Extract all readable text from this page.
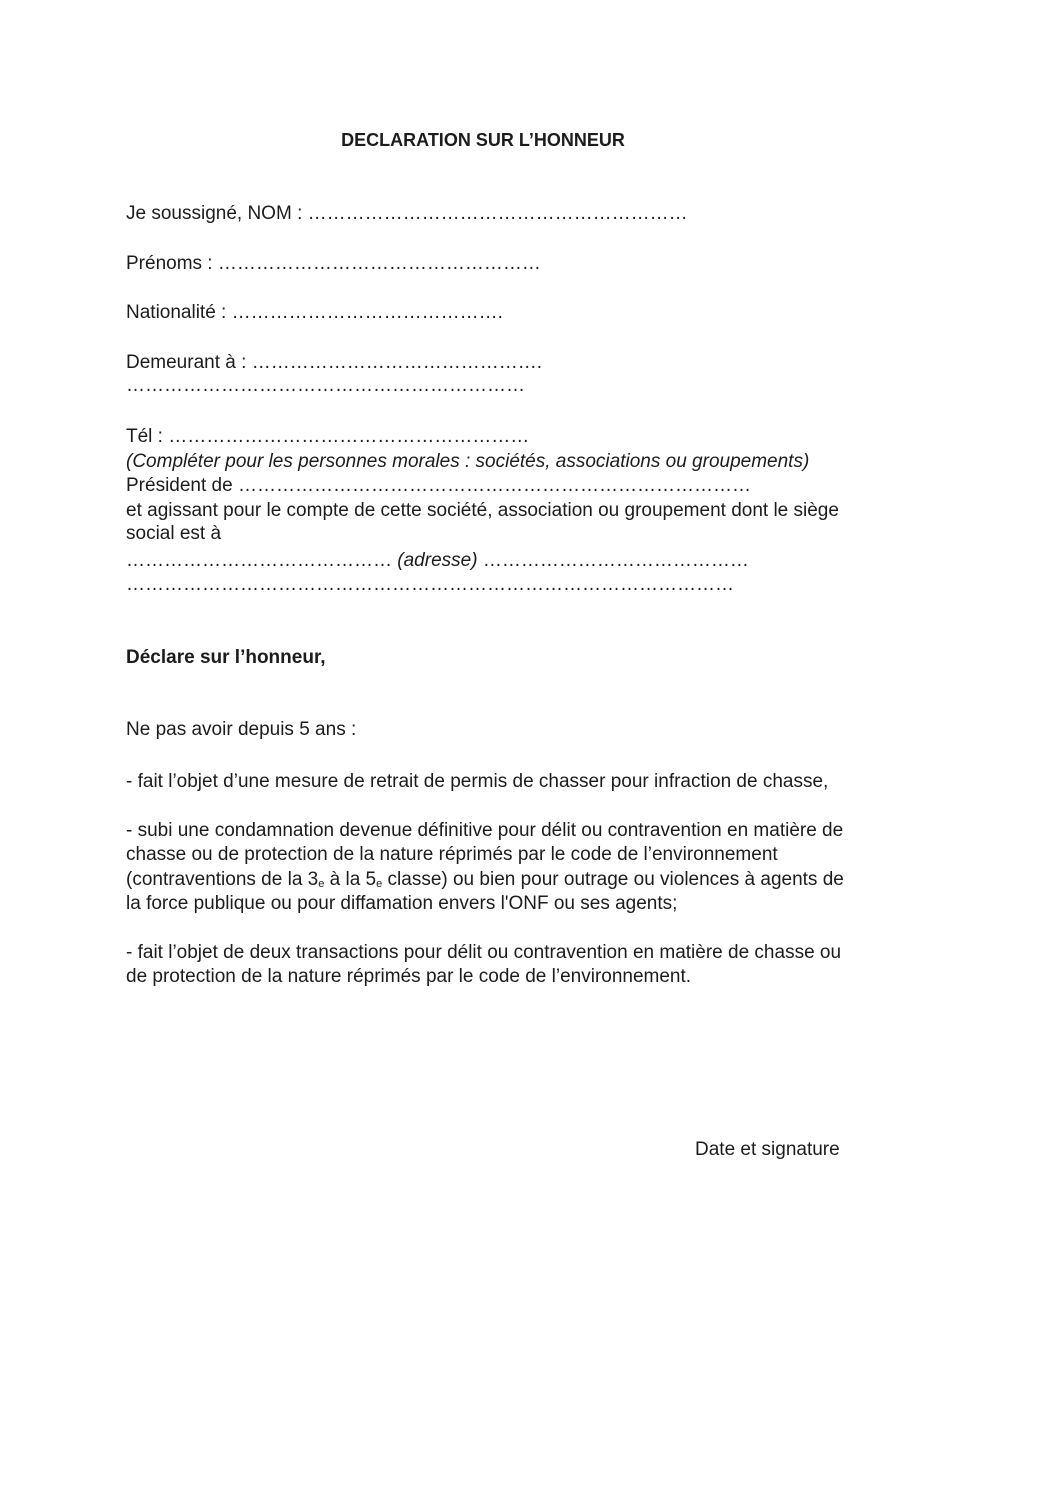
DECLARATION SUR L’HONNEUR

Je soussigné, NOM : ……………………………………………………

Prénoms : ……………………………………………

Nationalité : …………………………………….

Demeurant à : ……………………………………….

………………………………………………………

Tél : …………………………………………………

(Compléter pour les personnes morales : sociétés, associations ou groupements)

Président de ………………………………………………………………………

et agissant pour le compte de cette société, association ou groupement dont le siège

social est à

…………………………………… (adresse) ……………………………………

……………………………………………………………………………………

Déclare sur l’honneur,

Ne pas avoir depuis 5 ans :

- fait l’objet d’une mesure de retrait de permis de chasser pour infraction de chasse,

- subi une condamnation devenue définitive pour délit ou contravention en matière de

chasse ou de protection de la nature réprimés par le code de l’environnement

(contraventions de la 3e à la 5e classe) ou bien pour outrage ou violences à agents de

la force publique ou pour diffamation envers l'ONF ou ses agents;

- fait l’objet de deux transactions pour délit ou contravention en matière de chasse ou

de protection de la nature réprimés par le code de l’environnement.

Date et signature
